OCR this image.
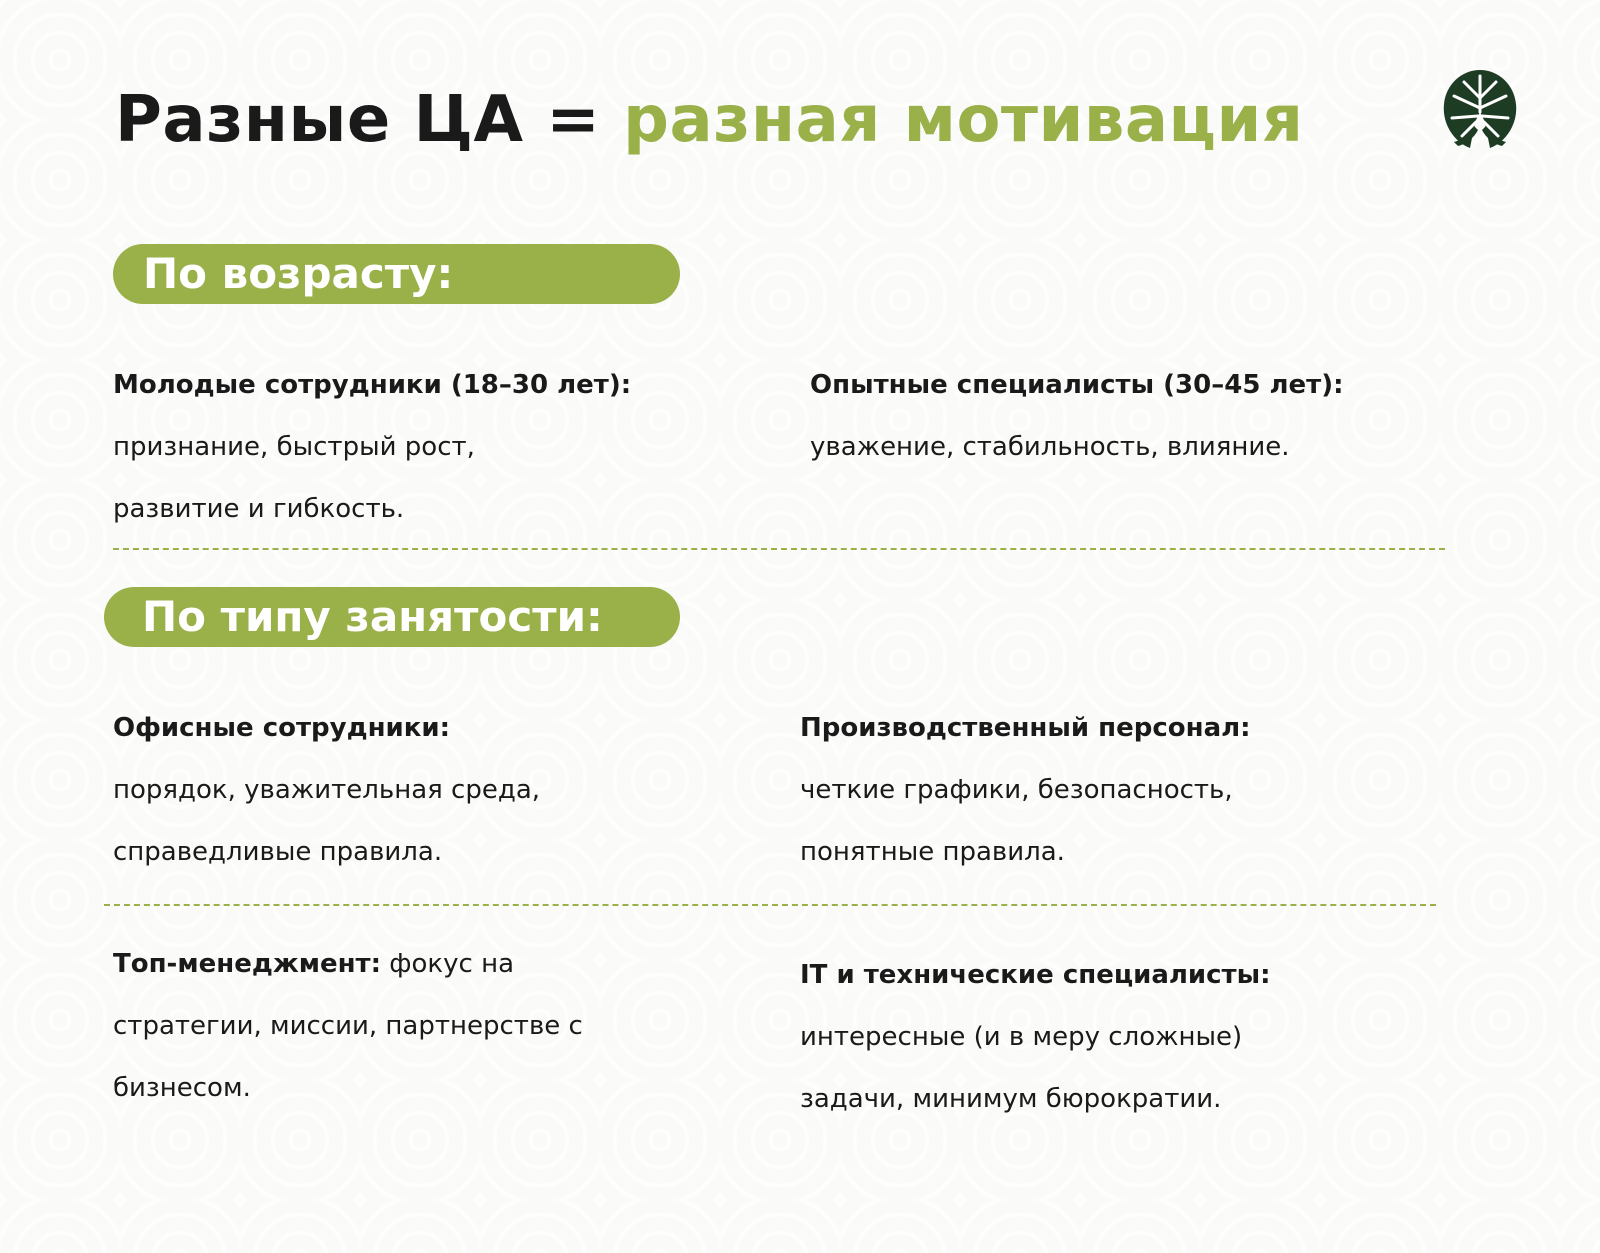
Разные ЦА = разная мотивация
По возрасту:
Молодые сотрудники (18–30 лет):
признание, быстрый рост,
развитие и гибкость.
Опытные специалисты (30–45 лет):
уважение, стабильность, влияние.
По типу занятости:
Офисные сотрудники:
порядок, уважительная среда,
справедливые правила.
Производственный персонал:
четкие графики, безопасность,
понятные правила.
Топ-менеджмент: фокус на
стратегии, миссии, партнерстве с
бизнесом.
IT и технические специалисты:
интересные (и в меру сложные)
задачи, минимум бюрократии.
